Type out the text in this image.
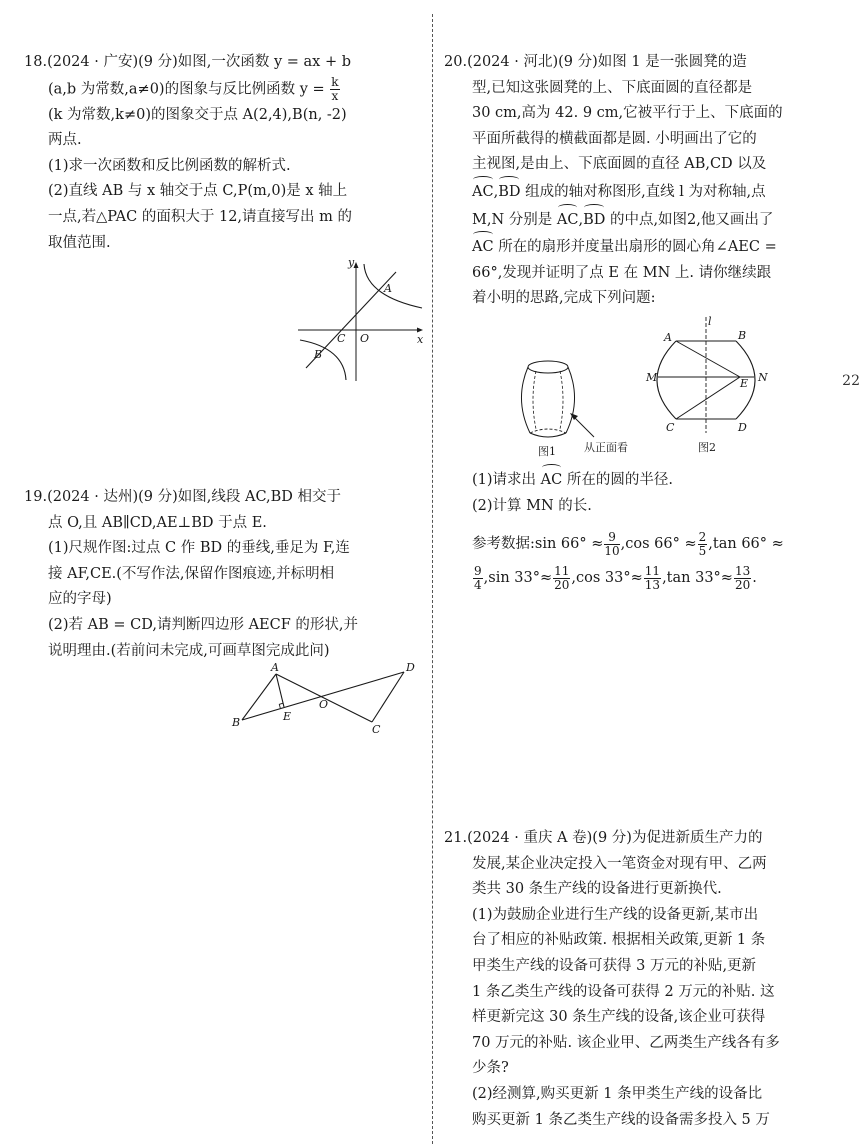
22

18.(2024 · 广安)(9 分)如图,一次函数 y = ax + b

(a,b 为常数,a≠0)的图象与反比例函数 $y = \frac{k}{x}$

(k 为常数,k≠0)的图象交于点 A(2,4),B(n, -2)

两点.

(1)求一次函数和反比例函数的解析式.

(2)直线 AB 与 x 轴交于点 C,P(m,0)是 x 轴上

一点,若△PAC 的面积大于 12,请直接写出 m 的

取值范围.

y
x
A
B
C O

19.(2024 · 达州)(9 分)如图,线段 AC,BD 相交于

点 O,且 AB∥CD,AE⊥BD 于点 E.

(1)尺规作图:过点 C 作 BD 的垂线,垂足为 F,连

接 AF,CE.(不写作法,保留作图痕迹,并标明相

应的字母)

(2)若 AB = CD,请判断四边形 AECF 的形状,并

说明理由.(若前问未完成,可画草图完成此问)

A
B	E
O
C
D

20.(2024 · 河北)(9 分)如图 1 是一张圆凳的造

型,已知这张圆凳的上、下底面圆的直径都是

30 cm,高为 42. 9 cm,它被平行于上、下底面的

平面所截得的横截面都是圆. 小明画出了它的

主视图,是由上、下底面圆的直径 AB,CD 以及

AC,BD 组成的轴对称图形,直线 l 为对称轴,点

M,N 分别是 AC,BD 的中点,如图2,他又画出了

AC 所在的扇形并度量出扇形的圆心角∠AEC =

66°,发现并证明了点 E 在 MN 上. 请你继续跟

着小明的思路,完成下列问题:

从正面看
图1
l
A	B
C	D
M	N
E
图2

(1)请求出 AC 所在的圆的半径.

(2)计算 MN 的长.

参考数据:sin $66^\circ \approx \frac{9}{10} ,\cos$ $66^\circ \approx \frac{2}{5} ,\tan$ 66° ≈

$\frac{9}{4} ,\sin$ $33^\circ\approx \frac{11}{20} ,\cos$ $33^\circ\approx \frac{11}{13} ,\tan$ $33^\circ\approx \frac{13}{20}$ .

21.(2024 · 重庆 A 卷)(9 分)为促进新质生产力的

发展,某企业决定投入一笔资金对现有甲、乙两

类共 30 条生产线的设备进行更新换代.

(1)为鼓励企业进行生产线的设备更新,某市出

台了相应的补贴政策. 根据相关政策,更新 1 条

甲类生产线的设备可获得 3 万元的补贴,更新

1 条乙类生产线的设备可获得 2 万元的补贴. 这

样更新完这 30 条生产线的设备,该企业可获得

70 万元的补贴. 该企业甲、乙两类生产线各有多

少条?

(2)经测算,购买更新 1 条甲类生产线的设备比

购买更新 1 条乙类生产线的设备需多投入 5 万
